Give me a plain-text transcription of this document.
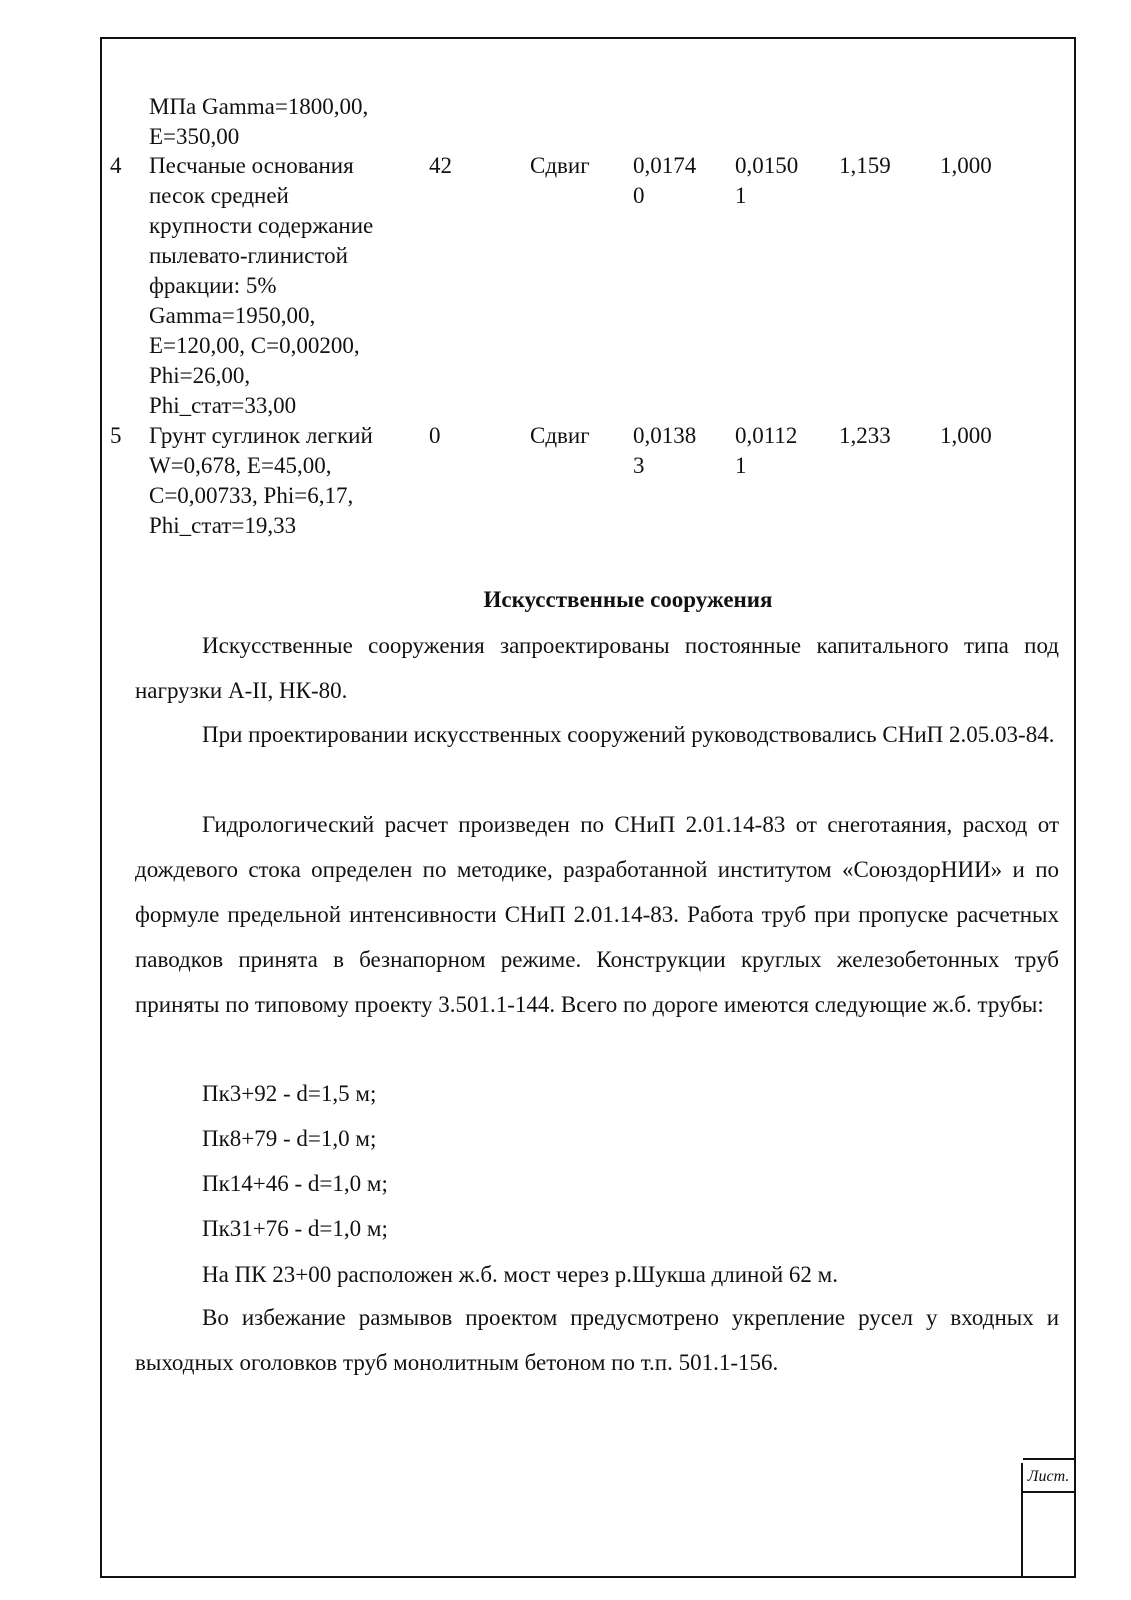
МПа Gamma=1800,00,
E=350,00
4 Песчаные основания
песок средней
крупности содержание
пылевато-глинистой
фракции: 5%
Gamma=1950,00,
E=120,00, C=0,00200,
Phi=26,00,
Phi_стат=33,00
42	Сдвиг 0,0174
0
0,0150
1
1,159 1,000
5 Грунт суглинок легкий
W=0,678, E=45,00,
C=0,00733, Phi=6,17,
Phi_стат=19,33
0	Сдвиг 0,0138
3
0,0112
1
1,233 1,000
Искусственные сооружения

Искусственные сооружения запроектированы постоянные капитального типа под нагрузки А-II, НК-80.

При проектировании искусственных сооружений руководствовались СНиП 2.05.03-84.

Гидрологический расчет произведен по СНиП 2.01.14-83 от снеготаяния, расход от дождевого стока определен по методике, разработанной институтом «СоюздорНИИ» и по формуле предельной интенсивности СНиП 2.01.14-83. Работа труб при пропуске расчетных паводков принята в безнапорном режиме. Конструкции круглых железобетонных труб приняты по типовому проекту 3.501.1-144. Всего по дороге имеются следующие ж.б. трубы:

Пк3+92 - d=1,5 м;
Пк8+79 - d=1,0 м;
Пк14+46 - d=1,0 м;
Пк31+76 - d=1,0 м;
На ПК 23+00 расположен ж.б. мост через р.Шукша длиной 62 м.

Во избежание размывов проектом предусмотрено укрепление русел у входных и выходных оголовков труб монолитным бетоном по т.п. 501.1-156.

Лист.
